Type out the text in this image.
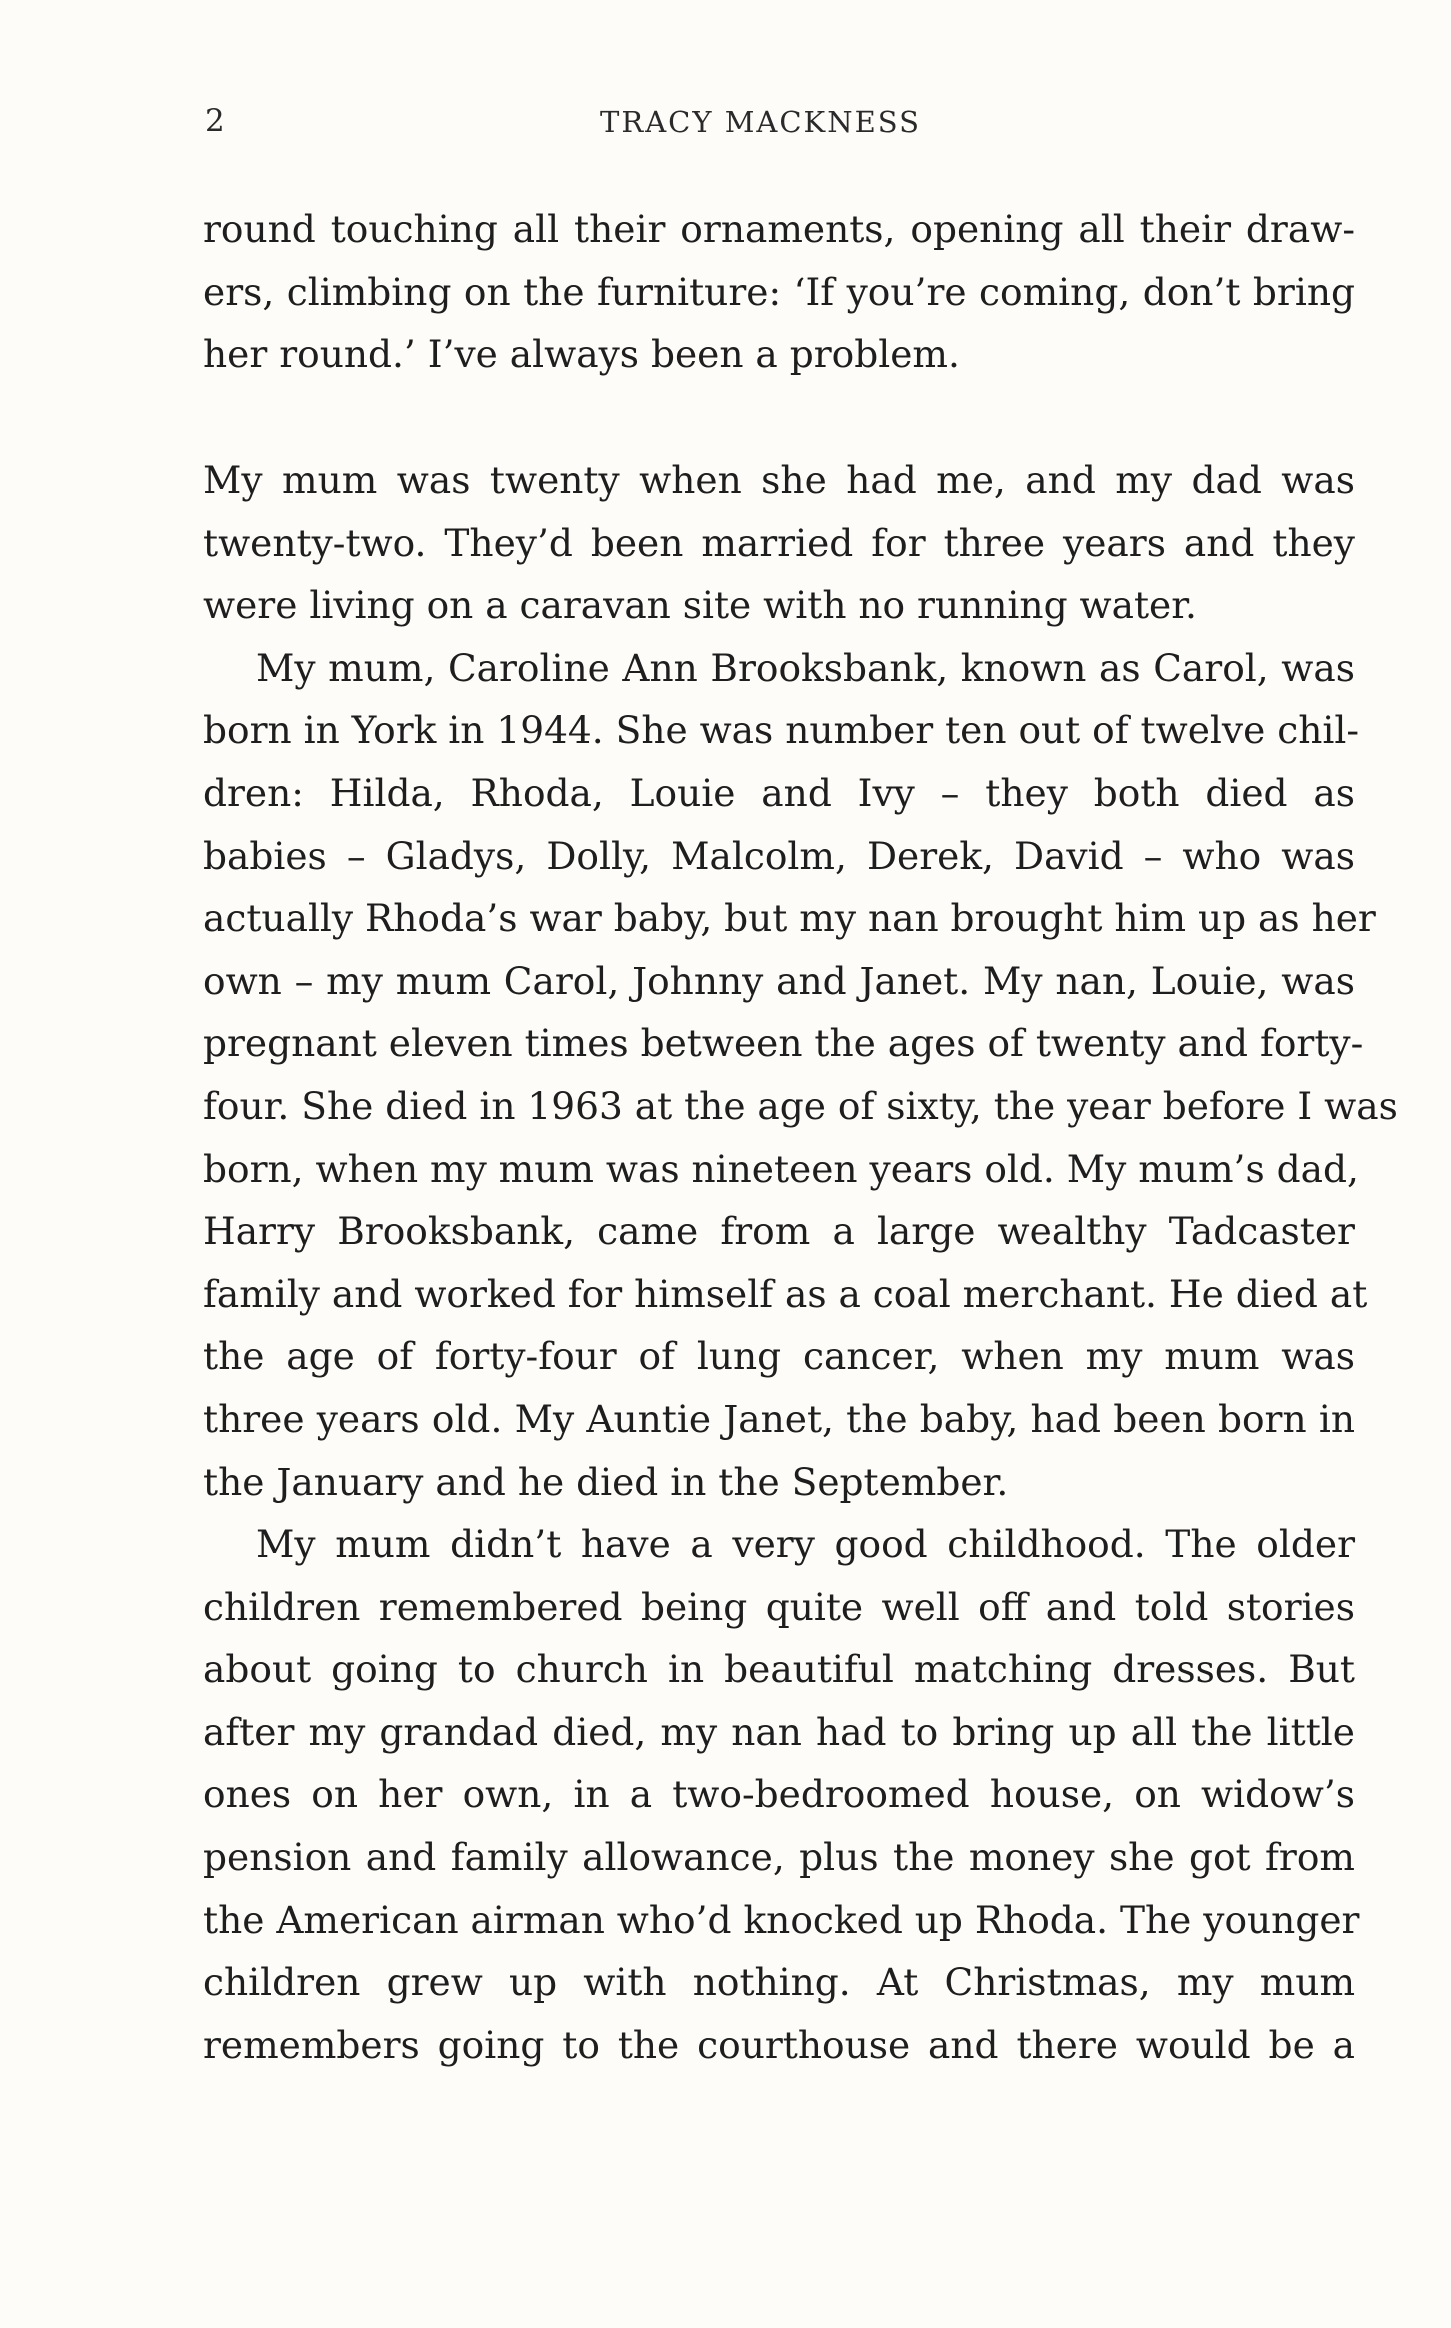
2	TRACY MACKNESS
round touching all their ornaments, opening all their draw-
ers, climbing on the furniture: ‘If you’re coming, don’t bring
her round.’ I’ve always been a problem.
My mum was twenty when she had me, and my dad was
twenty-two. They’d been married for three years and they
were living on a caravan site with no running water.
My mum, Caroline Ann Brooksbank, known as Carol, was
born in York in 1944. She was number ten out of twelve chil-
dren: Hilda, Rhoda, Louie and Ivy – they both died as
babies – Gladys, Dolly, Malcolm, Derek, David – who was
actually Rhoda’s war baby, but my nan brought him up as her
own – my mum Carol, Johnny and Janet. My nan, Louie, was
pregnant eleven times between the ages of twenty and forty-
four. She died in 1963 at the age of sixty, the year before I was
born, when my mum was nineteen years old. My mum’s dad,
Harry Brooksbank, came from a large wealthy Tadcaster
family and worked for himself as a coal merchant. He died at
the age of forty-four of lung cancer, when my mum was
three years old. My Auntie Janet, the baby, had been born in
the January and he died in the September.
My mum didn’t have a very good childhood. The older
children remembered being quite well off and told stories
about going to church in beautiful matching dresses. But
after my grandad died, my nan had to bring up all the little
ones on her own, in a two-bedroomed house, on widow’s
pension and family allowance, plus the money she got from
the American airman who’d knocked up Rhoda. The younger
children grew up with nothing. At Christmas, my mum
remembers going to the courthouse and there would be a
